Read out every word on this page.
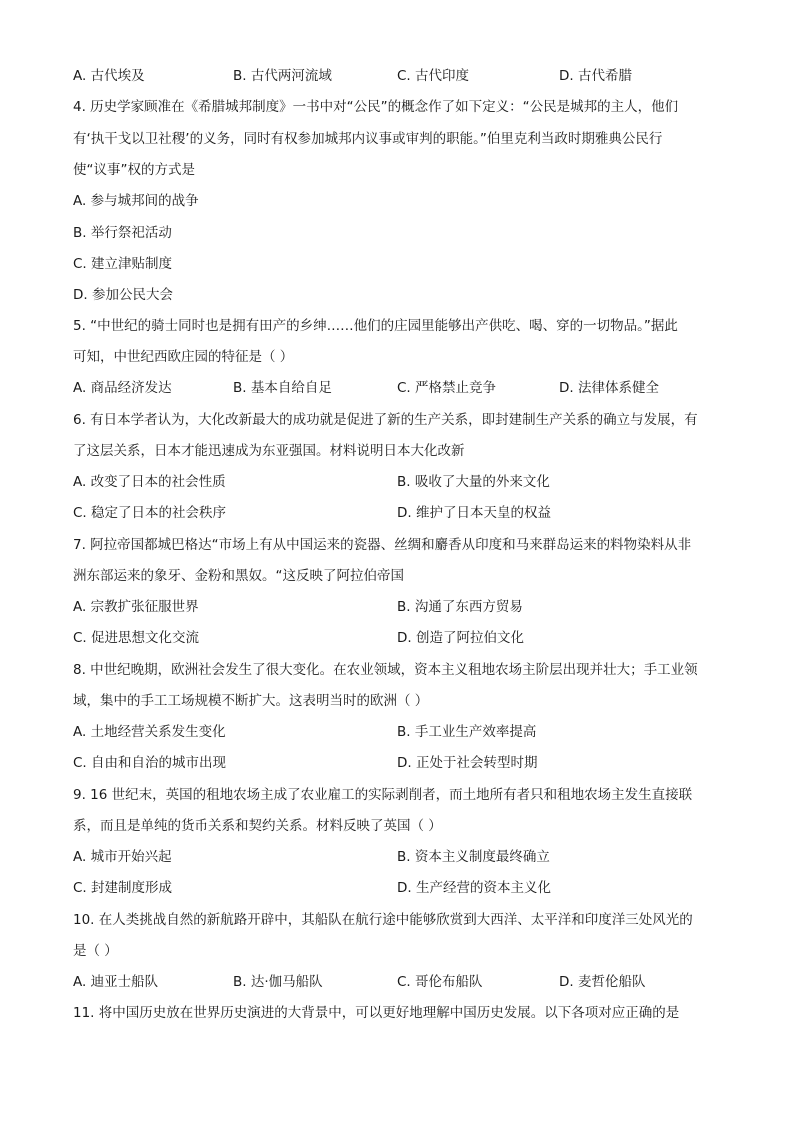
A. 古代埃及	B. 古代两河流域	C. 古代印度	D. 古代希腊
4. 历史学家顾准在《希腊城邦制度》一书中对“公民”的概念作了如下定义：“公民是城邦的主人，他们
有‘执干戈以卫社稷’的义务，同时有权参加城邦内议事或审判的职能。”伯里克利当政时期雅典公民行
使“议事”权的方式是
A. 参与城邦间的战争
B. 举行祭祀活动
C. 建立津贴制度
D. 参加公民大会
5. “中世纪的骑士同时也是拥有田产的乡绅……他们的庄园里能够出产供吃、喝、穿的一切物品。”据此
可知，中世纪西欧庄园的特征是（ ）
A. 商品经济发达	B. 基本自给自足	C. 严格禁止竞争	D. 法律体系健全
6. 有日本学者认为，大化改新最大的成功就是促进了新的生产关系，即封建制生产关系的确立与发展，有
了这层关系，日本才能迅速成为东亚强国。材料说明日本大化改新
A. 改变了日本的社会性质	B. 吸收了大量的外来文化
C. 稳定了日本的社会秩序	D. 维护了日本天皇的权益
7. 阿拉帝国都城巴格达“市场上有从中国运来的瓷器、丝绸和麝香从印度和马来群岛运来的料物染料从非
洲东部运来的象牙、金粉和黑奴。“这反映了阿拉伯帝国
A. 宗教扩张征服世界	B. 沟通了东西方贸易
C. 促进思想文化交流	D. 创造了阿拉伯文化
8. 中世纪晚期，欧洲社会发生了很大变化。在农业领域，资本主义租地农场主阶层出现并壮大；手工业领
域，集中的手工工场规模不断扩大。这表明当时的欧洲（ ）
A. 土地经营关系发生变化	B. 手工业生产效率提高
C. 自由和自治的城市出现	D. 正处于社会转型时期
9. 16 世纪末，英国的租地农场主成了农业雇工的实际剥削者，而土地所有者只和租地农场主发生直接联
系，而且是单纯的货币关系和契约关系。材料反映了英国（ ）
A. 城市开始兴起	B. 资本主义制度最终确立
C. 封建制度形成	D. 生产经营的资本主义化
10. 在人类挑战自然的新航路开辟中，其船队在航行途中能够欣赏到大西洋、太平洋和印度洋三处风光的
是（ ）
A. 迪亚士船队	B. 达·伽马船队	C. 哥伦布船队	D. 麦哲伦船队
11. 将中国历史放在世界历史演进的大背景中，可以更好地理解中国历史发展。以下各项对应正确的是
